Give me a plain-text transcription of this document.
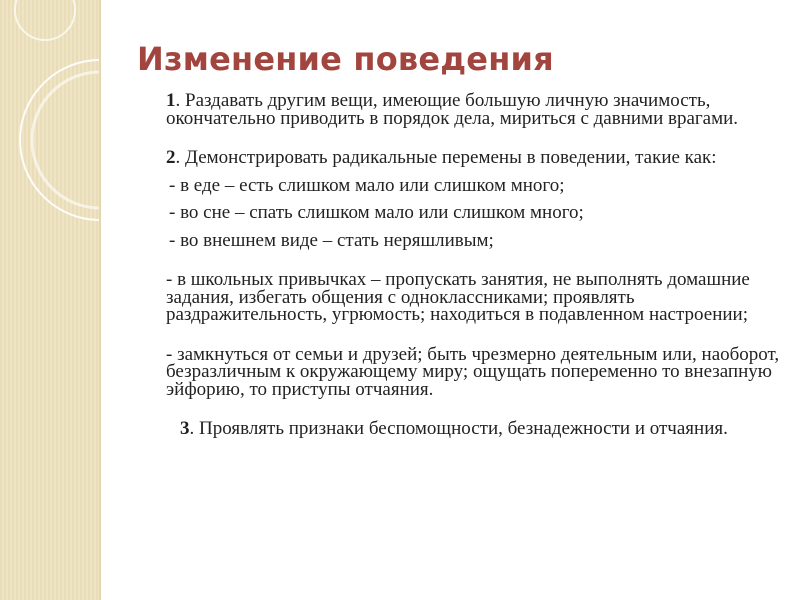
Изменение поведения

1. Раздавать другим вещи, имеющие большую личную значимость, окончательно приводить в порядок дела, мириться с давними врагами.

2. Демонстрировать радикальные перемены в поведении, такие как:

- в еде – есть слишком мало или слишком много;

- во сне – спать слишком мало или слишком много;

- во внешнем виде – стать неряшливым;

- в школьных привычках – пропускать занятия, не выполнять домашние задания, избегать общения с одноклассниками; проявлять раздражительность, угрюмость; находиться в подавленном настроении;

- замкнуться от семьи и друзей; быть чрезмерно деятельным или, наоборот, безразличным к окружающему миру; ощущать попеременно то внезапную эйфорию, то приступы отчаяния.

3. Проявлять признаки беспомощности, безнадежности и отчаяния.
